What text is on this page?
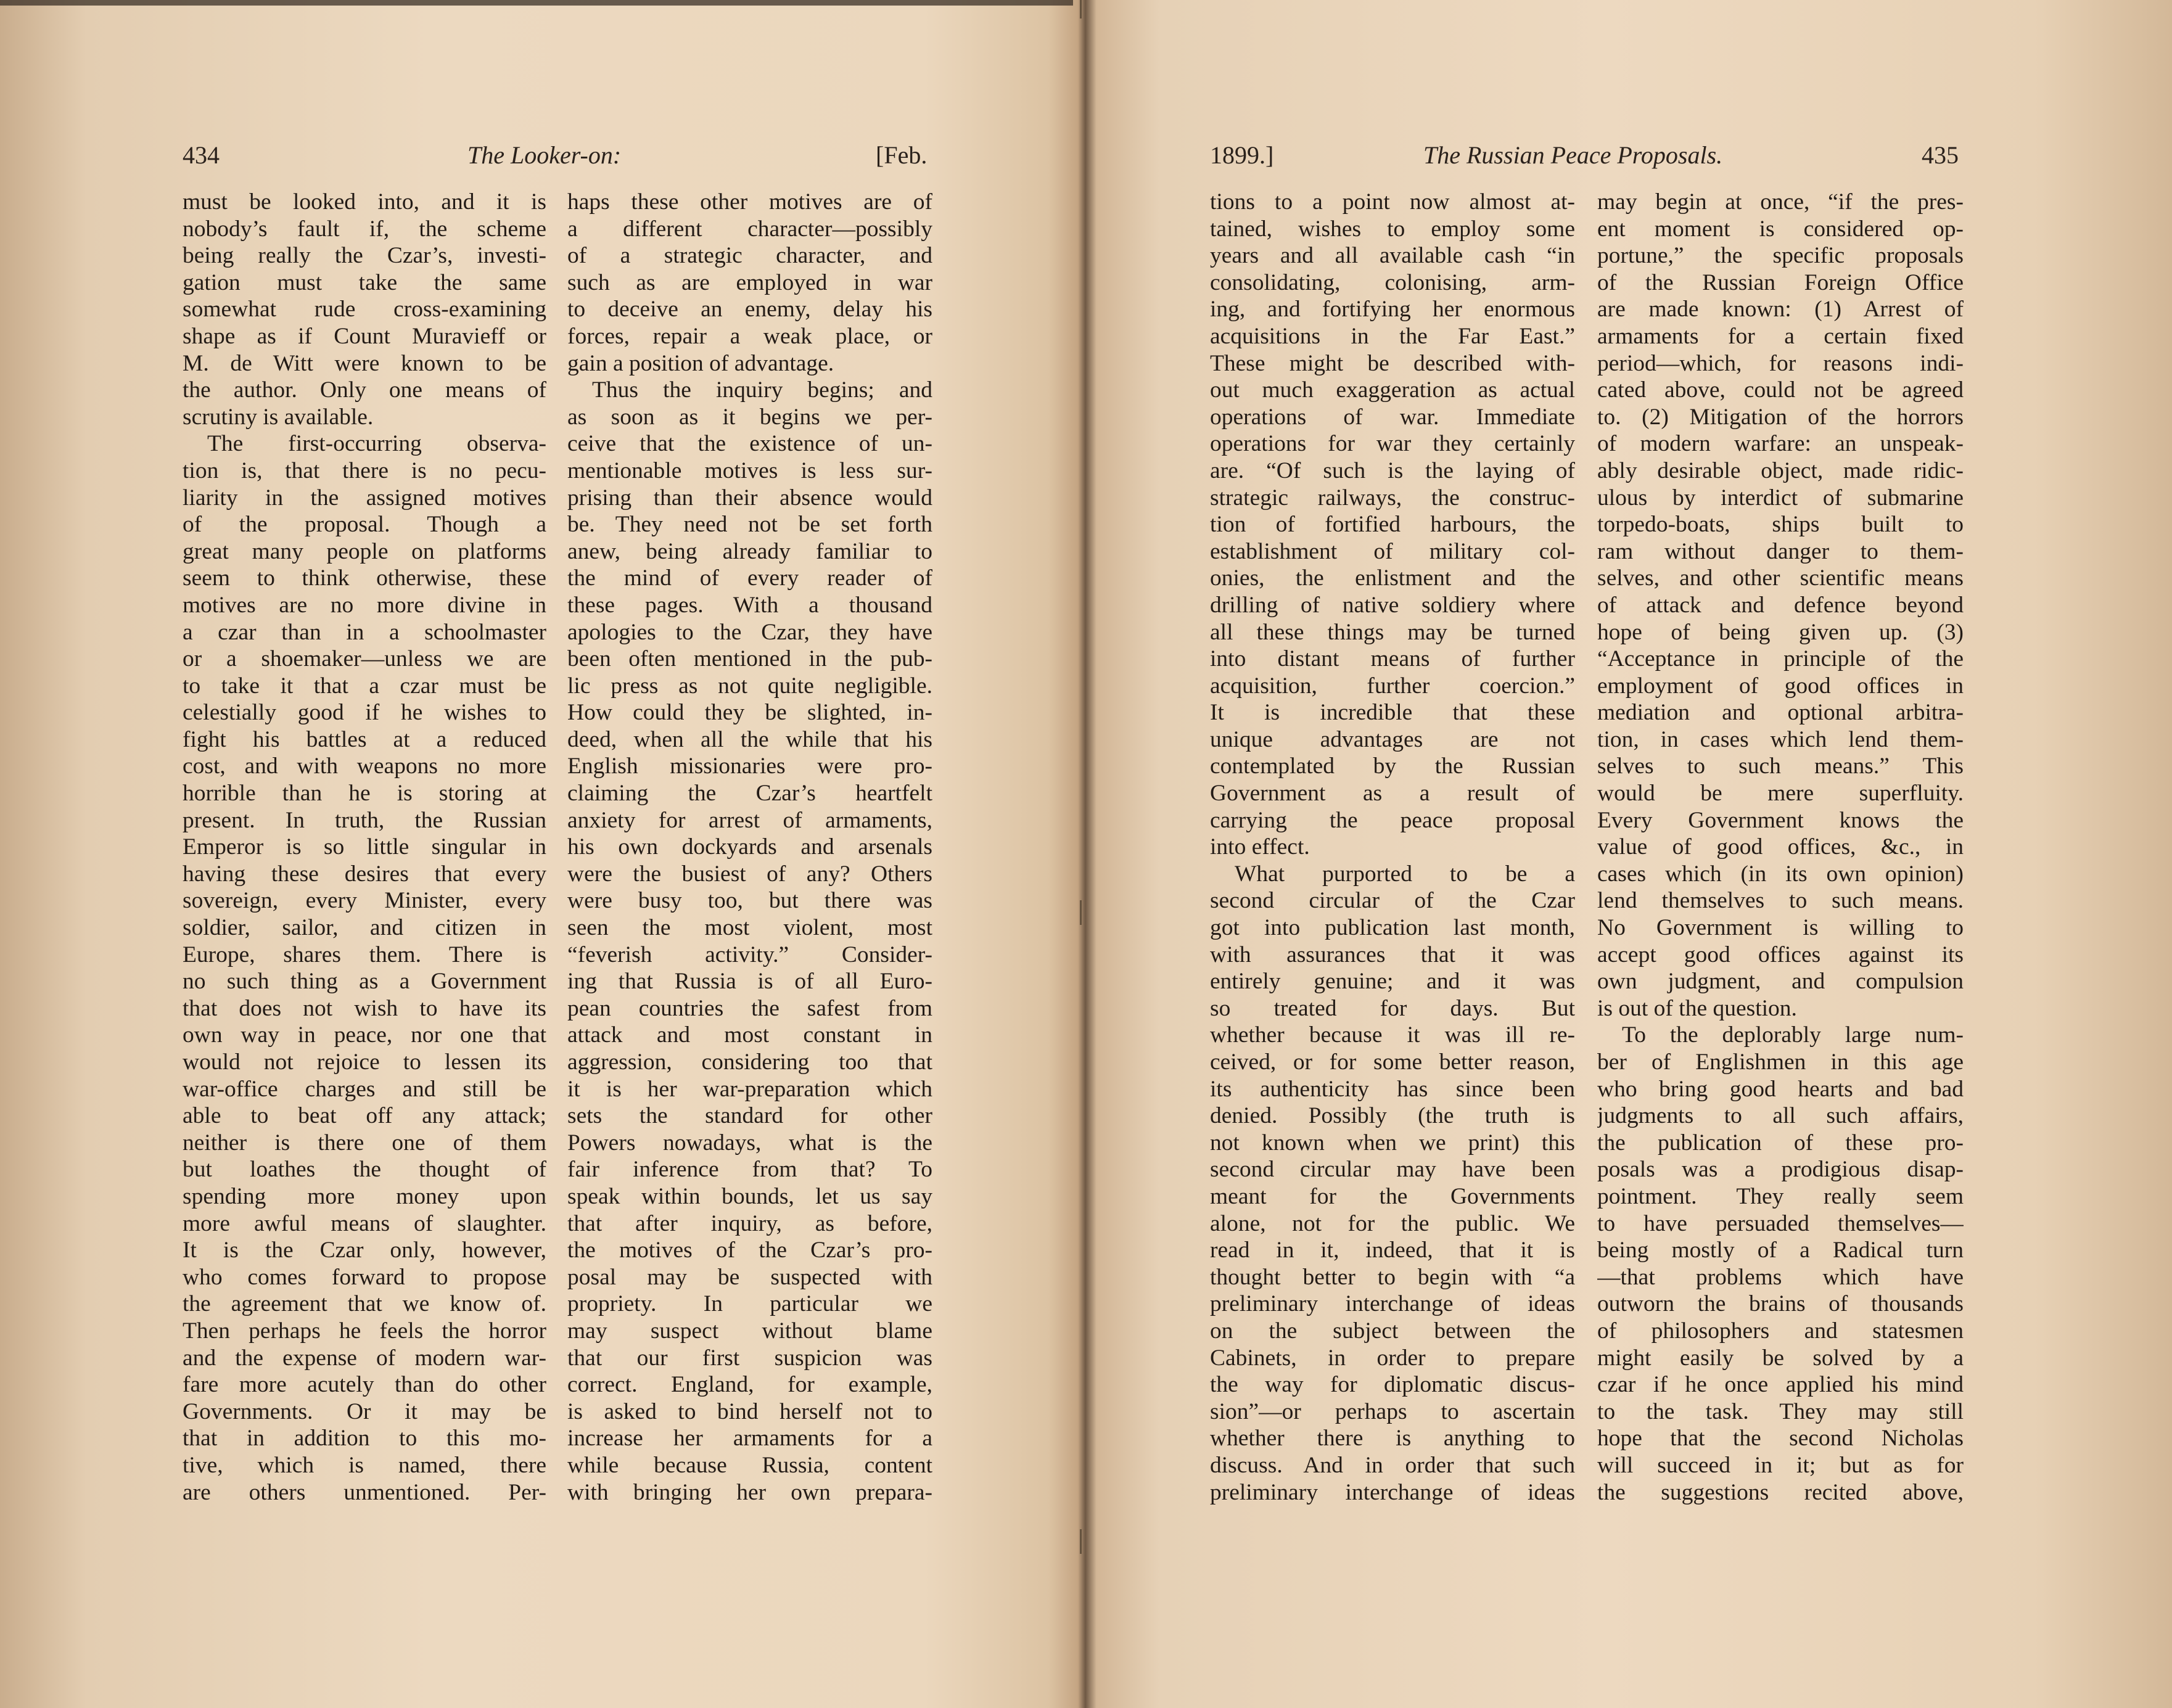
434	The Looker-on:	[Feb.
must be looked into, and it is
nobody’s fault if, the scheme
being really the Czar’s, investi-
gation must take the same
somewhat rude cross-examining
shape as if Count Muravieff or
M. de Witt were known to be
the author. Only one means of
scrutiny is available.
The first-occurring observa-
tion is, that there is no pecu-
liarity in the assigned motives
of the proposal. Though a
great many people on platforms
seem to think otherwise, these
motives are no more divine in
a czar than in a schoolmaster
or a shoemaker—unless we are
to take it that a czar must be
celestially good if he wishes to
fight his battles at a reduced
cost, and with weapons no more
horrible than he is storing at
present. In truth, the Russian
Emperor is so little singular in
having these desires that every
sovereign, every Minister, every
soldier, sailor, and citizen in
Europe, shares them. There is
no such thing as a Government
that does not wish to have its
own way in peace, nor one that
would not rejoice to lessen its
war-office charges and still be
able to beat off any attack;
neither is there one of them
but loathes the thought of
spending more money upon
more awful means of slaughter.
It is the Czar only, however,
who comes forward to propose
the agreement that we know of.
Then perhaps he feels the horror
and the expense of modern war-
fare more acutely than do other
Governments. Or it may be
that in addition to this mo-
tive, which is named, there
are others unmentioned. Per-
haps these other motives are of
a different character—possibly
of a strategic character, and
such as are employed in war
to deceive an enemy, delay his
forces, repair a weak place, or
gain a position of advantage.
Thus the inquiry begins; and
as soon as it begins we per-
ceive that the existence of un-
mentionable motives is less sur-
prising than their absence would
be. They need not be set forth
anew, being already familiar to
the mind of every reader of
these pages. With a thousand
apologies to the Czar, they have
been often mentioned in the pub-
lic press as not quite negligible.
How could they be slighted, in-
deed, when all the while that his
English missionaries were pro-
claiming the Czar’s heartfelt
anxiety for arrest of armaments,
his own dockyards and arsenals
were the busiest of any? Others
were busy too, but there was
seen the most violent, most
“feverish activity.” Consider-
ing that Russia is of all Euro-
pean countries the safest from
attack and most constant in
aggression, considering too that
it is her war-preparation which
sets the standard for other
Powers nowadays, what is the
fair inference from that? To
speak within bounds, let us say
that after inquiry, as before,
the motives of the Czar’s pro-
posal may be suspected with
propriety. In particular we
may suspect without blame
that our first suspicion was
correct. England, for example,
is asked to bind herself not to
increase her armaments for a
while because Russia, content
with bringing her own prepara-
1899.]	The Russian Peace Proposals.	435
tions to a point now almost at-
tained, wishes to employ some
years and all available cash “in
consolidating, colonising, arm-
ing, and fortifying her enormous
acquisitions in the Far East.”
These might be described with-
out much exaggeration as actual
operations of war. Immediate
operations for war they certainly
are. “Of such is the laying of
strategic railways, the construc-
tion of fortified harbours, the
establishment of military col-
onies, the enlistment and the
drilling of native soldiery where
all these things may be turned
into distant means of further
acquisition, further coercion.”
It is incredible that these
unique advantages are not
contemplated by the Russian
Government as a result of
carrying the peace proposal
into effect.
What purported to be a
second circular of the Czar
got into publication last month,
with assurances that it was
entirely genuine; and it was
so treated for days. But
whether because it was ill re-
ceived, or for some better reason,
its authenticity has since been
denied. Possibly (the truth is
not known when we print) this
second circular may have been
meant for the Governments
alone, not for the public. We
read in it, indeed, that it is
thought better to begin with “a
preliminary interchange of ideas
on the subject between the
Cabinets, in order to prepare
the way for diplomatic discus-
sion”—or perhaps to ascertain
whether there is anything to
discuss. And in order that such
preliminary interchange of ideas
may begin at once, “if the pres-
ent moment is considered op-
portune,” the specific proposals
of the Russian Foreign Office
are made known: (1) Arrest of
armaments for a certain fixed
period—which, for reasons indi-
cated above, could not be agreed
to. (2) Mitigation of the horrors
of modern warfare: an unspeak-
ably desirable object, made ridic-
ulous by interdict of submarine
torpedo-boats, ships built to
ram without danger to them-
selves, and other scientific means
of attack and defence beyond
hope of being given up. (3)
“Acceptance in principle of the
employment of good offices in
mediation and optional arbitra-
tion, in cases which lend them-
selves to such means.” This
would be mere superfluity.
Every Government knows the
value of good offices, &c., in
cases which (in its own opinion)
lend themselves to such means.
No Government is willing to
accept good offices against its
own judgment, and compulsion
is out of the question.
To the deplorably large num-
ber of Englishmen in this age
who bring good hearts and bad
judgments to all such affairs,
the publication of these pro-
posals was a prodigious disap-
pointment. They really seem
to have persuaded themselves—
being mostly of a Radical turn
—that problems which have
outworn the brains of thousands
of philosophers and statesmen
might easily be solved by a
czar if he once applied his mind
to the task. They may still
hope that the second Nicholas
will succeed in it; but as for
the suggestions recited above,
